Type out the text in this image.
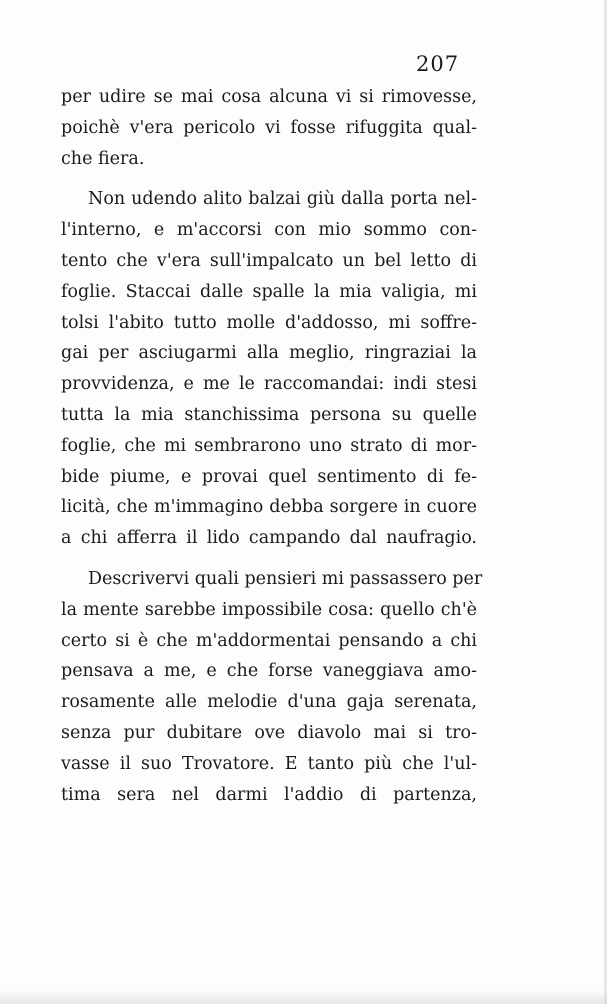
207
per udire se mai cosa alcuna vi si rimovesse,
poichè v'era pericolo vi fosse rifuggita qual-
che fiera.
Non udendo alito balzai giù dalla porta nel-
l'interno, e m'accorsi con mio sommo con-
tento che v'era sull'impalcato un bel letto di
foglie. Staccai dalle spalle la mia valigia, mi
tolsi l'abito tutto molle d'addosso, mi soffre-
gai per asciugarmi alla meglio, ringraziai la
provvidenza, e me le raccomandai: indi stesi
tutta la mia stanchissima persona su quelle
foglie, che mi sembrarono uno strato di mor-
bide piume, e provai quel sentimento di fe-
licità, che m'immagino debba sorgere in cuore
a chi afferra il lido campando dal naufragio.
Descrivervi quali pensieri mi passassero per
la mente sarebbe impossibile cosa: quello ch'è
certo si è che m'addormentai pensando a chi
pensava a me, e che forse vaneggiava amo-
rosamente alle melodie d'una gaja serenata,
senza pur dubitare ove diavolo mai si tro-
vasse il suo Trovatore. E tanto più che l'ul-
tima sera nel darmi l'addio di partenza,
